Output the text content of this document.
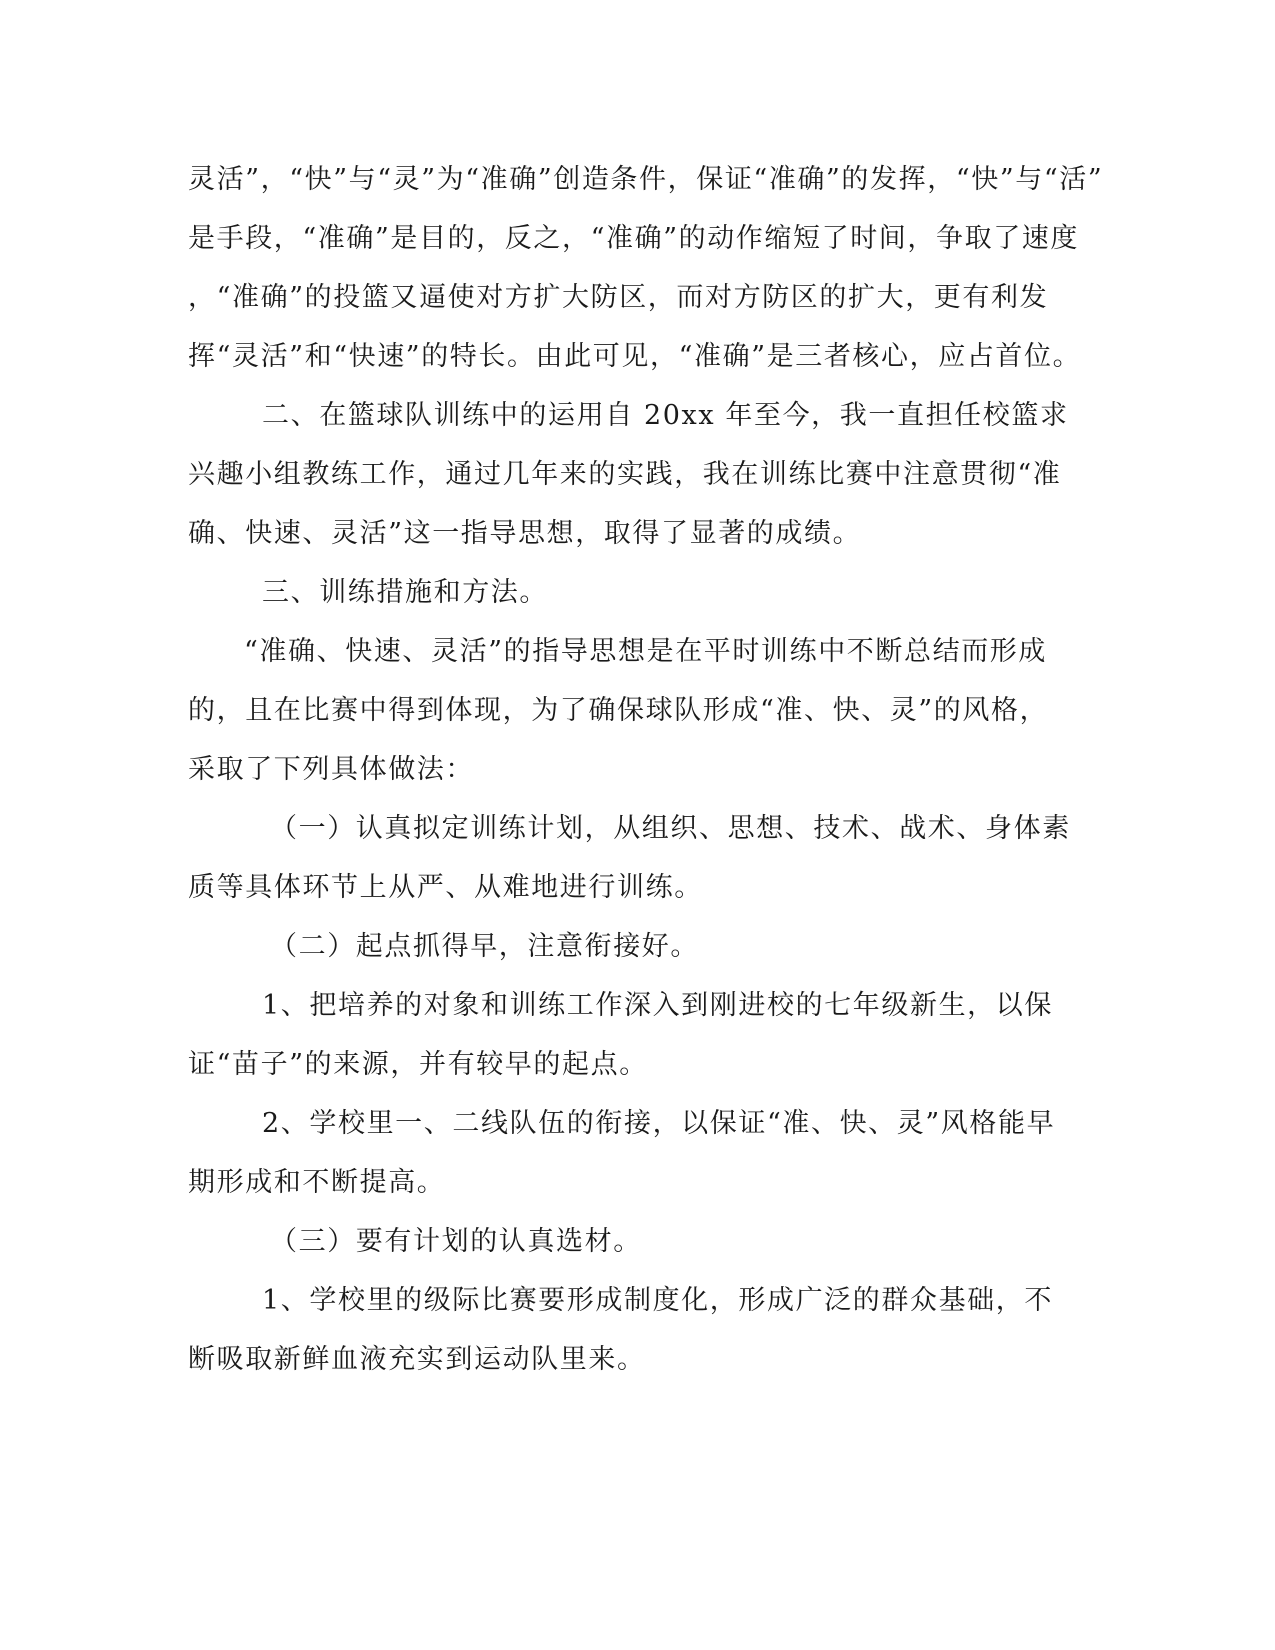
灵活”，“快”与“灵”为“准确”创造条件，保证“准确”的发挥，“快”与“活”
是手段，“准确”是目的，反之，“准确”的动作缩短了时间，争取了速度
，“准确”的投篮又逼使对方扩大防区，而对方防区的扩大，更有利发
挥“灵活”和“快速”的特长。由此可见，“准确”是三者核心，应占首位。
二、在篮球队训练中的运用自 20xx 年至今，我一直担任校篮求
兴趣小组教练工作，通过几年来的实践，我在训练比赛中注意贯彻“准
确、快速、灵活”这一指导思想，取得了显著的成绩。
三、训练措施和方法。
“准确、快速、灵活”的指导思想是在平时训练中不断总结而形成
的，且在比赛中得到体现，为了确保球队形成“准、快、灵”的风格，
采取了下列具体做法：
（一）认真拟定训练计划，从组织、思想、技术、战术、身体素
质等具体环节上从严、从难地进行训练。
（二）起点抓得早，注意衔接好。
1、把培养的对象和训练工作深入到刚进校的七年级新生，以保
证“苗子”的来源，并有较早的起点。
2、学校里一、二线队伍的衔接，以保证“准、快、灵”风格能早
期形成和不断提高。
（三）要有计划的认真选材。
1、学校里的级际比赛要形成制度化，形成广泛的群众基础，不
断吸取新鲜血液充实到运动队里来。
